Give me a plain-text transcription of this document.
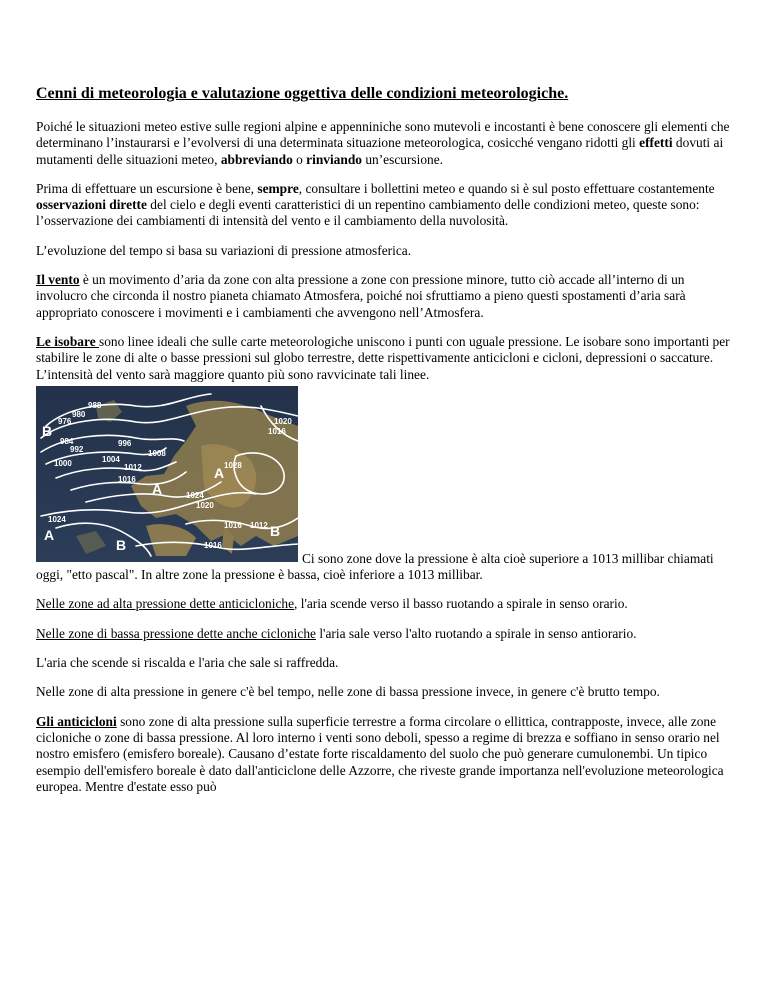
Cenni di meteorologia e valutazione oggettiva delle condizioni meteorologiche.

Poiché le situazioni meteo estive sulle regioni alpine e appenniniche sono mutevoli e incostanti è bene conoscere gli elementi che determinano l’instaurarsi e l’evolversi di una determinata situazione meteorologica, cosicché vengano ridotti gli effetti dovuti ai mutamenti delle situazioni meteo, abbreviando o rinviando un’escursione.

Prima di effettuare un escursione è bene, sempre, consultare i bollettini meteo e quando si è sul posto effettuare costantemente osservazioni dirette del cielo e degli eventi caratteristici di un repentino cambiamento delle condizioni meteo, queste sono: l’osservazione dei cambiamenti di intensità del vento e il cambiamento della nuvolosità.

L’evoluzione del tempo si basa su variazioni di pressione atmosferica.

Il vento è un movimento d’aria da zone con alta pressione a zone con pressione minore, tutto ciò accade all’interno di un involucro che circonda il nostro pianeta chiamato Atmosfera, poiché noi sfruttiamo a pieno questi spostamenti d’aria sarà appropriato conoscere i movimenti e i cambiamenti che avvengono nell’Atmosfera.

Le isobare sono linee ideali che sulle carte meteorologiche uniscono i punti con uguale pressione. Le isobare sono importanti per stabilire le zone di alte o basse pressioni sul globo terrestre, dette rispettivamente anticicloni e cicloni, depressioni o saccature. L’intensità del vento sarà maggiore quanto più sono ravvicinate tali linee.

988
980
976
984
992
996
1000	1004
1008
1012
1016
1020
1016
1028
1024
1020
1024
1016 1012
1016
B
A
A
A
B
B
Ci sono zone dove la pressione è alta cioè superiore a 1013 millibar chiamati oggi, "etto pascal". In altre zone la pressione è bassa, cioè inferiore a 1013 millibar.

Nelle zone ad alta pressione dette anticicloniche, l'aria scende verso il basso ruotando a spirale in senso orario.

Nelle zone di bassa pressione dette anche cicloniche l'aria sale verso l'alto ruotando a spirale in senso antiorario.

L'aria che scende si riscalda e l'aria che sale si raffredda.

Nelle zone di alta pressione in genere c'è bel tempo, nelle zone di bassa pressione invece, in genere c'è brutto tempo.

Gli anticicloni sono zone di alta pressione sulla superficie terrestre a forma circolare o ellittica, contrapposte, invece, alle zone cicloniche o zone di bassa pressione. Al loro interno i venti sono deboli, spesso a regime di brezza e soffiano in senso orario nel nostro emisfero (emisfero boreale). Causano d’estate forte riscaldamento del suolo che può generare cumulonembi. Un tipico esempio dell'emisfero boreale è dato dall'anticiclone delle Azzorre, che riveste grande importanza nell'evoluzione meteorologica europea. Mentre d'estate esso può
